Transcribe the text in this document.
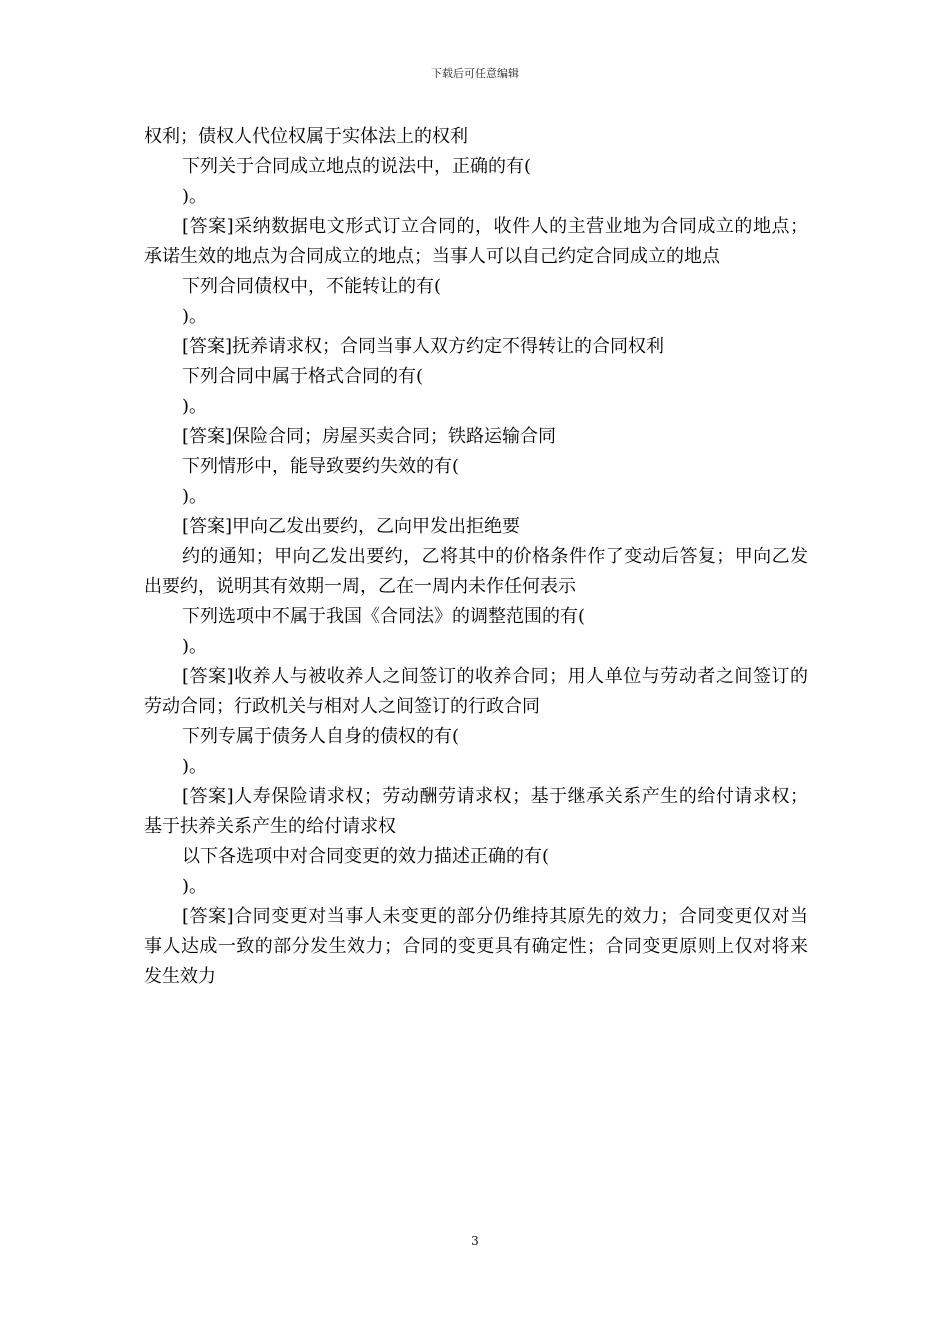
下载后可任意编辑

权利；债权人代位权属于实体法上的权利

下列关于合同成立地点的说法中，正确的有(

)。

[答案]采纳数据电文形式订立合同的，收件人的主营业地为合同成立的地点；承诺生效的地点为合同成立的地点；当事人可以自己约定合同成立的地点

下列合同债权中，不能转让的有(

)。

[答案]抚养请求权；合同当事人双方约定不得转让的合同权利

下列合同中属于格式合同的有(

)。

[答案]保险合同；房屋买卖合同；铁路运输合同

下列情形中，能导致要约失效的有(

)。

[答案]甲向乙发出要约，乙向甲发出拒绝要

约的通知；甲向乙发出要约，乙将其中的价格条件作了变动后答复；甲向乙发出要约，说明其有效期一周，乙在一周内未作任何表示

下列选项中不属于我国《合同法》的调整范围的有(

)。

[答案]收养人与被收养人之间签订的收养合同；用人单位与劳动者之间签订的劳动合同；行政机关与相对人之间签订的行政合同

下列专属于债务人自身的债权的有(

)。

[答案]人寿保险请求权；劳动酬劳请求权；基于继承关系产生的给付请求权；基于扶养关系产生的给付请求权

以下各选项中对合同变更的效力描述正确的有(

)。

[答案]合同变更对当事人未变更的部分仍维持其原先的效力；合同变更仅对当事人达成一致的部分发生效力；合同的变更具有确定性；合同变更原则上仅对将来发生效力

3
